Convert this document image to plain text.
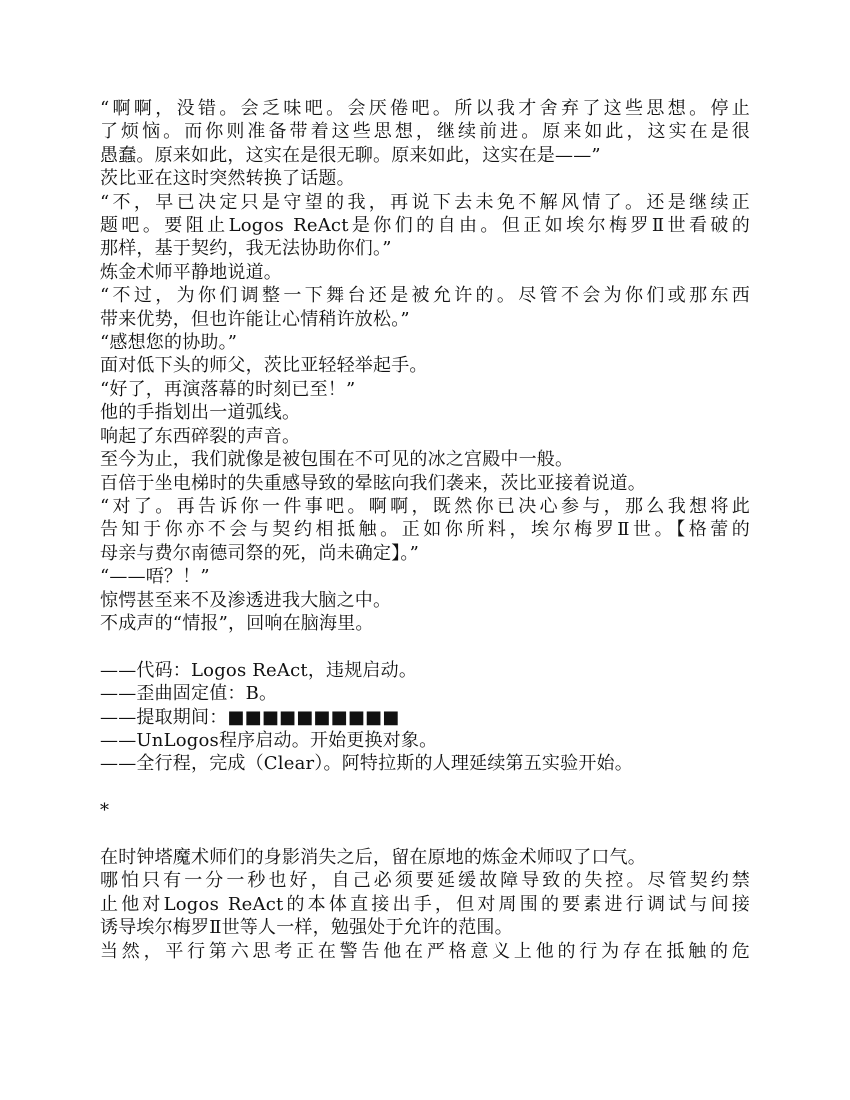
“啊啊，没错。会乏味吧。会厌倦吧。所以我才舍弃了这些思想。停止
了烦恼。而你则准备带着这些思想，继续前进。原来如此，这实在是很
愚蠢。原来如此，这实在是很无聊。原来如此，这实在是——”
茨比亚在这时突然转换了话题。
“不，早已决定只是守望的我，再说下去未免不解风情了。还是继续正
题吧。要阻止Logos ReAct是你们的自由。但正如埃尔梅罗Ⅱ世看破的
那样，基于契约，我无法协助你们。”
炼金术师平静地说道。
“不过，为你们调整一下舞台还是被允许的。尽管不会为你们或那东西
带来优势，但也许能让心情稍许放松。”
“感想您的协助。”
面对低下头的师父，茨比亚轻轻举起手。
“好了，再演落幕的时刻已至！”
他的手指划出一道弧线。
响起了东西碎裂的声音。
至今为止，我们就像是被包围在不可见的冰之宫殿中一般。
百倍于坐电梯时的失重感导致的晕眩向我们袭来，茨比亚接着说道。
“对了。再告诉你一件事吧。啊啊，既然你已决心参与，那么我想将此
告知于你亦不会与契约相抵触。正如你所料，埃尔梅罗Ⅱ世。【格蕾的
母亲与费尔南德司祭的死，尚未确定】。”
“——唔？！”
惊愕甚至来不及渗透进我大脑之中。
不成声的“情报”，回响在脑海里。
——代码：Logos ReAct，违规启动。
——歪曲固定值：B。
——提取期间：■■■■■■■■■■
——UnLogos程序启动。开始更换对象。
——全行程，完成（Clear）。阿特拉斯的人理延续第五实验开始。
*
在时钟塔魔术师们的身影消失之后，留在原地的炼金术师叹了口气。
哪怕只有一分一秒也好，自己必须要延缓故障导致的失控。尽管契约禁
止他对Logos ReAct的本体直接出手，但对周围的要素进行调试与间接
诱导埃尔梅罗Ⅱ世等人一样，勉强处于允许的范围。
当然，平行第六思考正在警告他在严格意义上他的行为存在抵触的危
